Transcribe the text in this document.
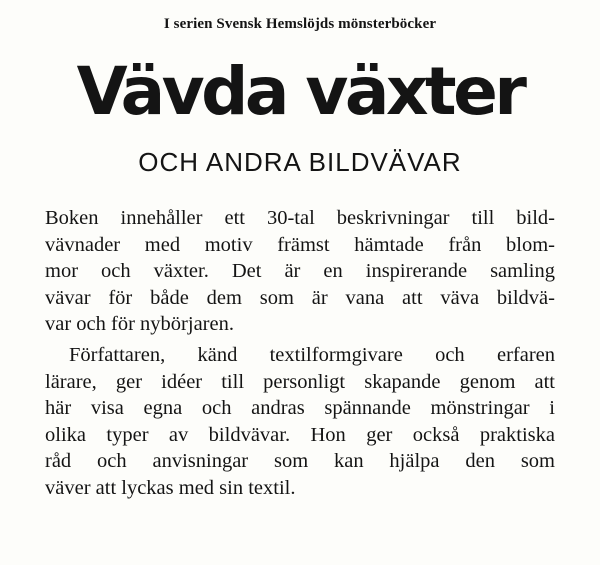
I serien Svensk Hemslöjds mönsterböcker
Vävda växter
OCH ANDRA BILDVÄVAR
Boken innehåller ett 30-tal beskrivningar till bild-
vävnader med motiv främst hämtade från blom-
mor och växter. Det är en inspirerande samling
vävar för både dem som är vana att väva bildvä-
var och för nybörjaren.
Författaren, känd textilformgivare och erfaren
lärare, ger idéer till personligt skapande genom att
här visa egna och andras spännande mönstringar i
olika typer av bildvävar. Hon ger också praktiska
råd och anvisningar som kan hjälpa den som
väver att lyckas med sin textil.
